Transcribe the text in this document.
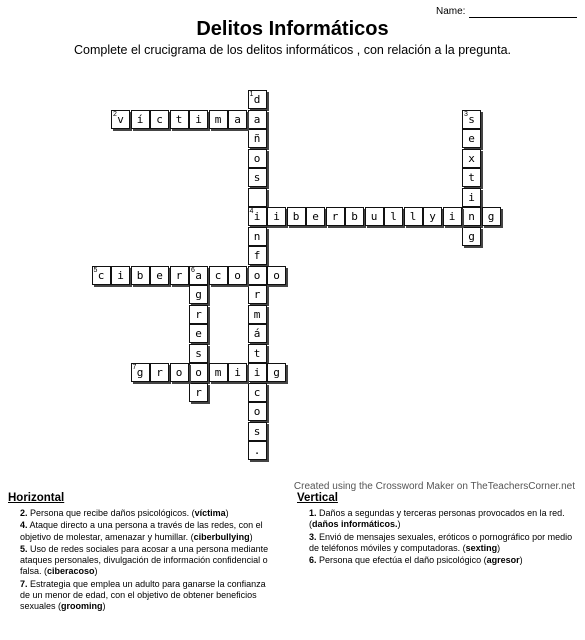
Name:
Delitos Informáticos
Complete el crucigrama de los delitos informáticos , con relación a la pregunta.
d
1
a
ñ
o
s
i
4
n
f
o
r
m
á
t
i
c
o
s
.
v
2 í c t i m a	s
3
e
x
t
i
n
g
i b e r b u l l y i	g
c
5 i b e r a
6 c o	o
g
r
e
s
o
r
g
7 r o	m i	g
Created using the Crossword Maker on TheTeachersCorner.net
Horizontal
2. Persona que recibe daños psicológicos. (víctima)
4. Ataque directo a una persona a través de las redes, con el objetivo de molestar, amenazar y humillar. (ciberbullying)
5. Uso de redes sociales para acosar a una persona mediante ataques personales, divulgación de información confidencial o falsa. (ciberacoso)
7. Estrategia que emplea un adulto para ganarse la confianza de un menor de edad, con el objetivo de obtener beneficios sexuales (grooming)
Vertical
1. Daños a segundas y terceras personas provocados en la red. (daños informáticos.)
3. Envió de mensajes sexuales, eróticos o pornográfico por medio de teléfonos móviles y computadoras. (sexting)
6. Persona que efectúa el daño psicológico (agresor)
